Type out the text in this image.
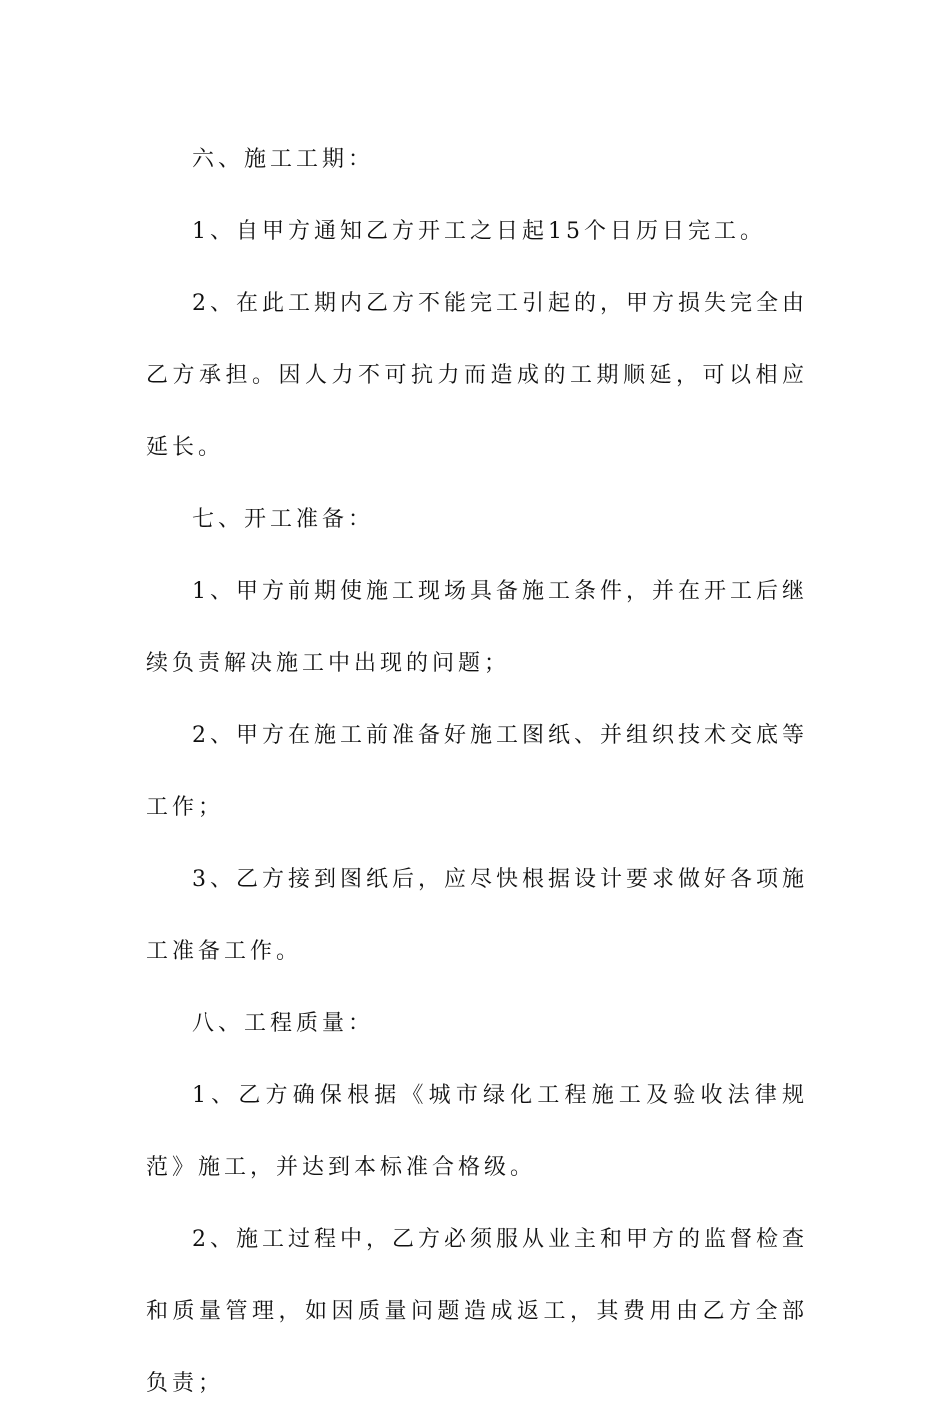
六、施工工期：

1、自甲方通知乙方开工之日起15个日历日完工。

2、在此工期内乙方不能完工引起的，甲方损失完全由乙方承担。因人力不可抗力而造成的工期顺延，可以相应延长。

七、开工准备：

1、甲方前期使施工现场具备施工条件，并在开工后继续负责解决施工中出现的问题；

2、甲方在施工前准备好施工图纸、并组织技术交底等工作；

3、乙方接到图纸后，应尽快根据设计要求做好各项施工准备工作。

八、工程质量：

1、乙方确保根据《城市绿化工程施工及验收法律规范》施工，并达到本标准合格级。

2、施工过程中，乙方必须服从业主和甲方的监督检查和质量管理，如因质量问题造成返工，其费用由乙方全部负责；
